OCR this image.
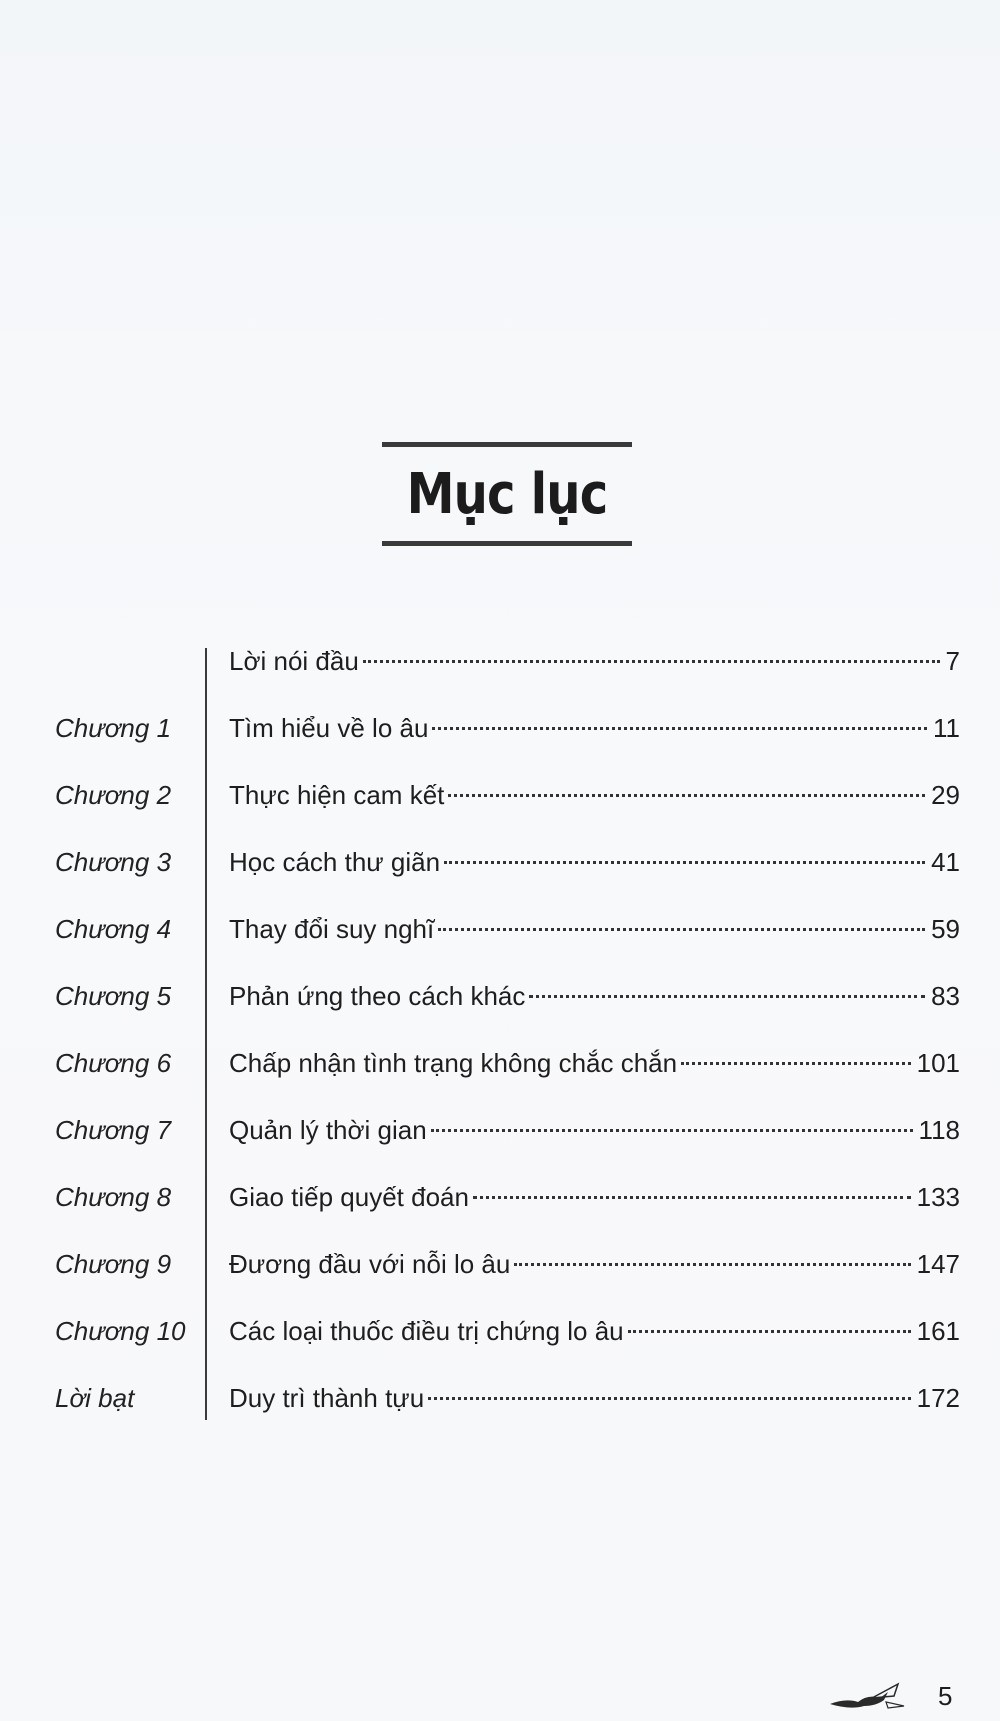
Mục lục
Lời nói đầu	7
Chương 1 Tìm hiểu về lo âu	11
Chương 2 Thực hiện cam kết	29
Chương 3 Học cách thư giãn	41
Chương 4 Thay đổi suy nghĩ	59
Chương 5 Phản ứng theo cách khác	83
Chương 6 Chấp nhận tình trạng không chắc chắn	101
Chương 7 Quản lý thời gian	118
Chương 8 Giao tiếp quyết đoán	133
Chương 9 Đương đầu với nỗi lo âu	147
Chương 10 Các loại thuốc điều trị chứng lo âu	161
Lời bạt	Duy trì thành tựu	172
5
